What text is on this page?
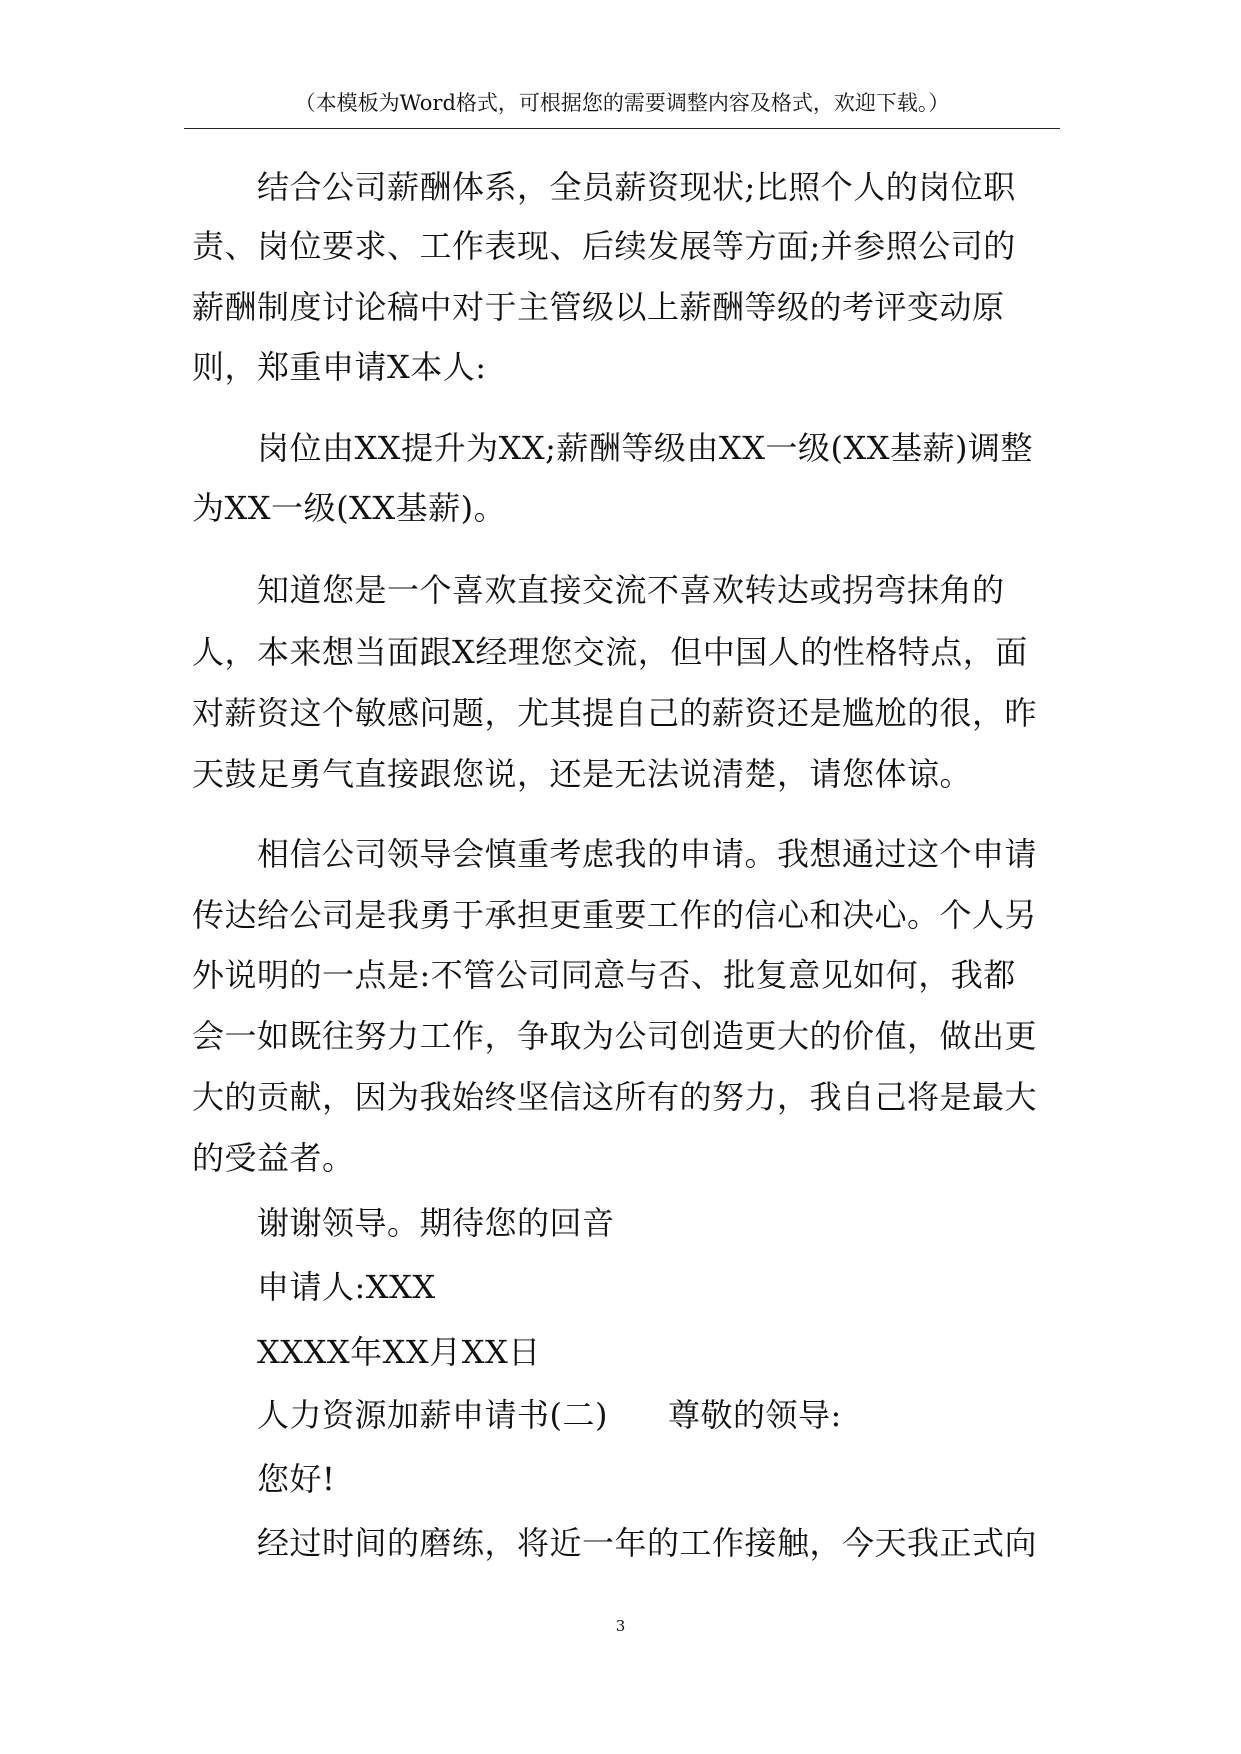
（本模板为Word格式，可根据您的需要调整内容及格式，欢迎下载。）
结合公司薪酬体系，全员薪资现状;比照个人的岗位职
责、岗位要求、工作表现、后续发展等方面;并参照公司的
薪酬制度讨论稿中对于主管级以上薪酬等级的考评变动原
则，郑重申请X本人:
岗位由XX提升为XX;薪酬等级由XX一级(XX基薪)调整
为XX一级(XX基薪)。
知道您是一个喜欢直接交流不喜欢转达或拐弯抹角的
人，本来想当面跟X经理您交流，但中国人的性格特点，面
对薪资这个敏感问题，尤其提自己的薪资还是尴尬的很，昨
天鼓足勇气直接跟您说，还是无法说清楚，请您体谅。
相信公司领导会慎重考虑我的申请。我想通过这个申请
传达给公司是我勇于承担更重要工作的信心和决心。个人另
外说明的一点是:不管公司同意与否、批复意见如何，我都
会一如既往努力工作，争取为公司创造更大的价值，做出更
大的贡献，因为我始终坚信这所有的努力，我自己将是最大
的受益者。
谢谢领导。期待您的回音
申请人:XXX
XXXX年XX月XX日
人力资源加薪申请书(二) 尊敬的领导:
您好!
经过时间的磨练，将近一年的工作接触，今天我正式向
3
